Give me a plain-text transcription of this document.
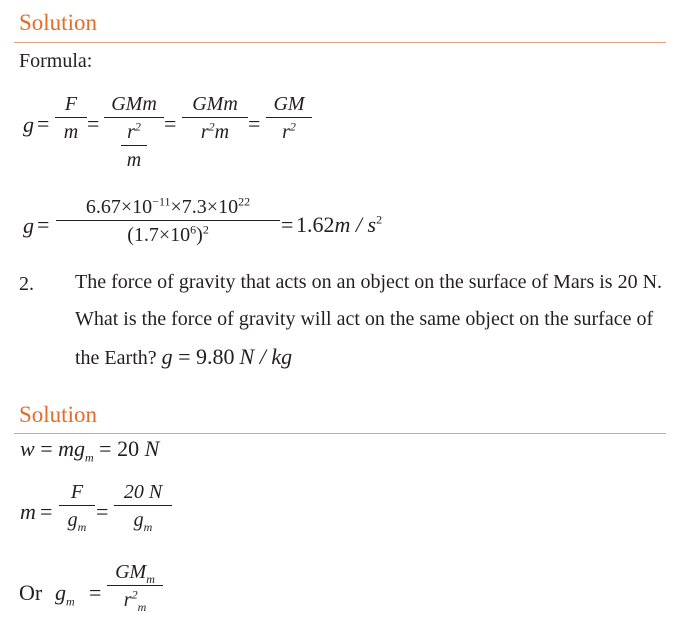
Solution
Formula:
g =
F
m =
GMm
$r^2$
m
=
GMm
$r^2m$ =
GM
$r^2$
g =
$6.67\times 10^{-11}\times 7.3\times 10^{22}$
$(1.7\times 10^6)^2$	= $1.62m / s^2$
2. The force of gravity that acts on an object on the surface of Mars is 20 N. What is the force of gravity will act on the same object on the surface of the Earth? g = 9.80 N / kg
Solution
$w = mg_m = 20$ N
m =
F
$g_m$
=
20 N
$g_m$
Or $g_m$ =
$GM_m$
$r^2_m$
